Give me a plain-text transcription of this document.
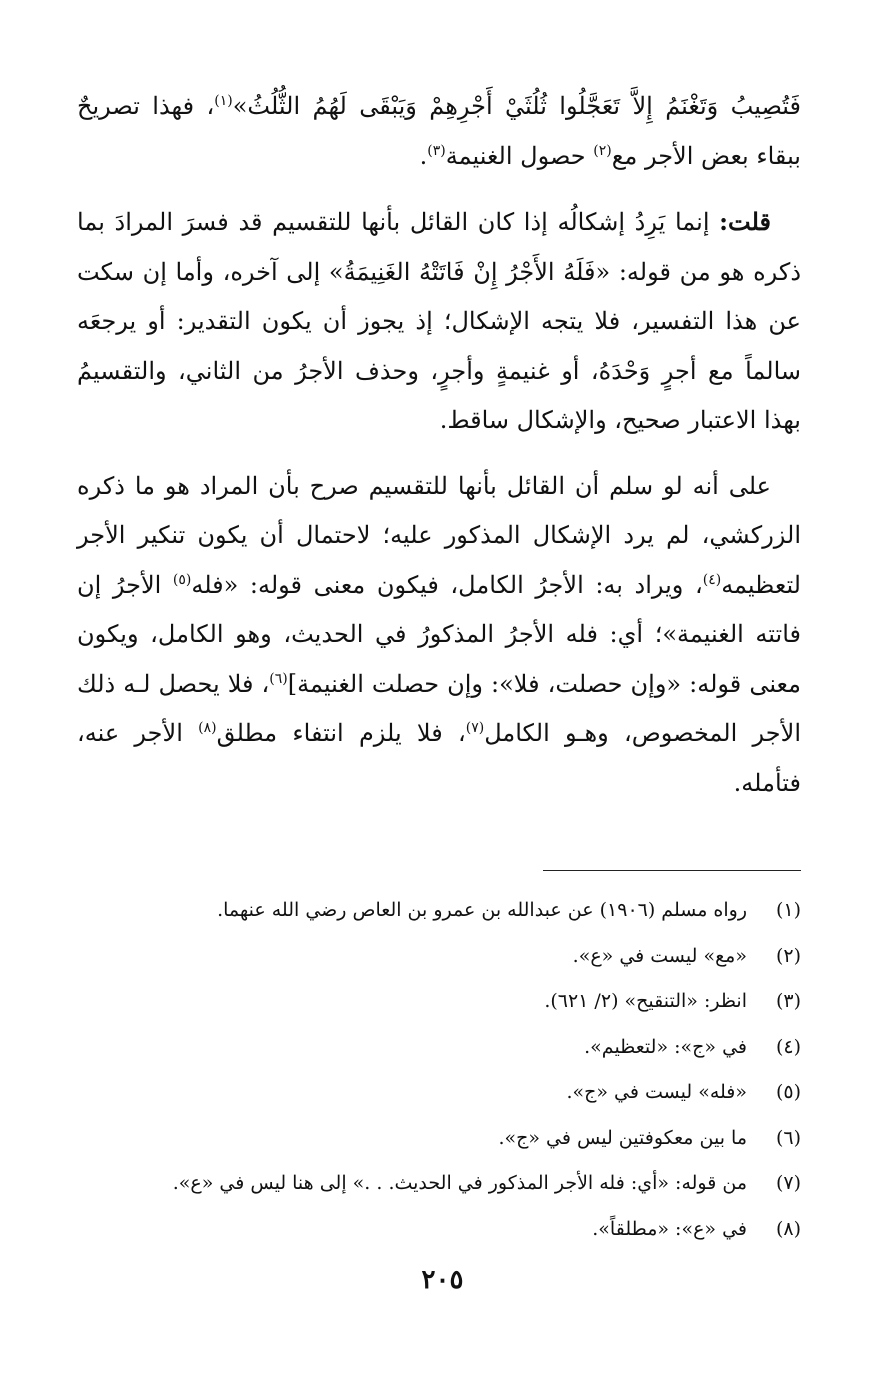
فَتُصِيبُ وَتَغْنَمُ إِلاَّ تَعَجَّلُوا ثُلُثَيْ أَجْرِهِمْ وَيَبْقَى لَهُمُ الثُّلُثُ»$^{(١)}$، فهذا تصريحٌ ببقاء بعض الأجر مع$^{(٢)}$ حصول الغنيمة$^{(٣)}$.

قلت: إنما يَرِدُ إشكالُه إذا كان القائل بأنها للتقسيم قد فسرَ المرادَ بما ذكره هو من قوله: «فَلَهُ الأَجْرُ إِنْ فَاتَتْهُ الغَنِيمَةُ» إلى آخره، وأما إن سكت عن هذا التفسير، فلا يتجه الإشكال؛ إذ يجوز أن يكون التقدير: أو يرجعَه سالماً مع أجرٍ وَحْدَهُ، أو غنيمةٍ وأجرٍ، وحذف الأجرُ من الثاني، والتقسيمُ بهذا الاعتبار صحيح، والإشكال ساقط.

على أنه لو سلم أن القائل بأنها للتقسيم صرح بأن المراد هو ما ذكره الزركشي، لم يرد الإشكال المذكور عليه؛ لاحتمال أن يكون تنكير الأجر لتعظيمه$^{(٤)}$، ويراد به: الأجرُ الكامل، فيكون معنى قوله: «فله$^{(٥)}$ الأجرُ إن فاتته الغنيمة»؛ أي: فله الأجرُ المذكورُ في الحديث، وهو الكامل، ويكون معنى قوله: «وإن حصلت، فلا»: وإن حصلت الغنيمة]$^{(٦)}$، فلا يحصل لـه ذلك الأجر المخصوص، وهـو الكامل$^{(٧)}$، فلا يلزم انتفاء مطلق$^{(٨)}$ الأجر عنه، فتأمله.

(١)
رواه مسلم (١٩٠٦) عن عبدالله بن عمرو بن العاص رضي الله عنهما.
(٢)
«مع» ليست في «ع».
(٣)
انظر: «التنقيح» (٢/ ٦٢١).
(٤)
في «ج»: «لتعظيم».
(٥)
«فله» ليست في «ج».
(٦)
ما بين معكوفتين ليس في «ج».
(٧)
من قوله: «أي: فله الأجر المذكور في الحديث. . .» إلى هنا ليس في «ع».
(٨)
في «ع»: «مطلقاً».
٢٠٥
